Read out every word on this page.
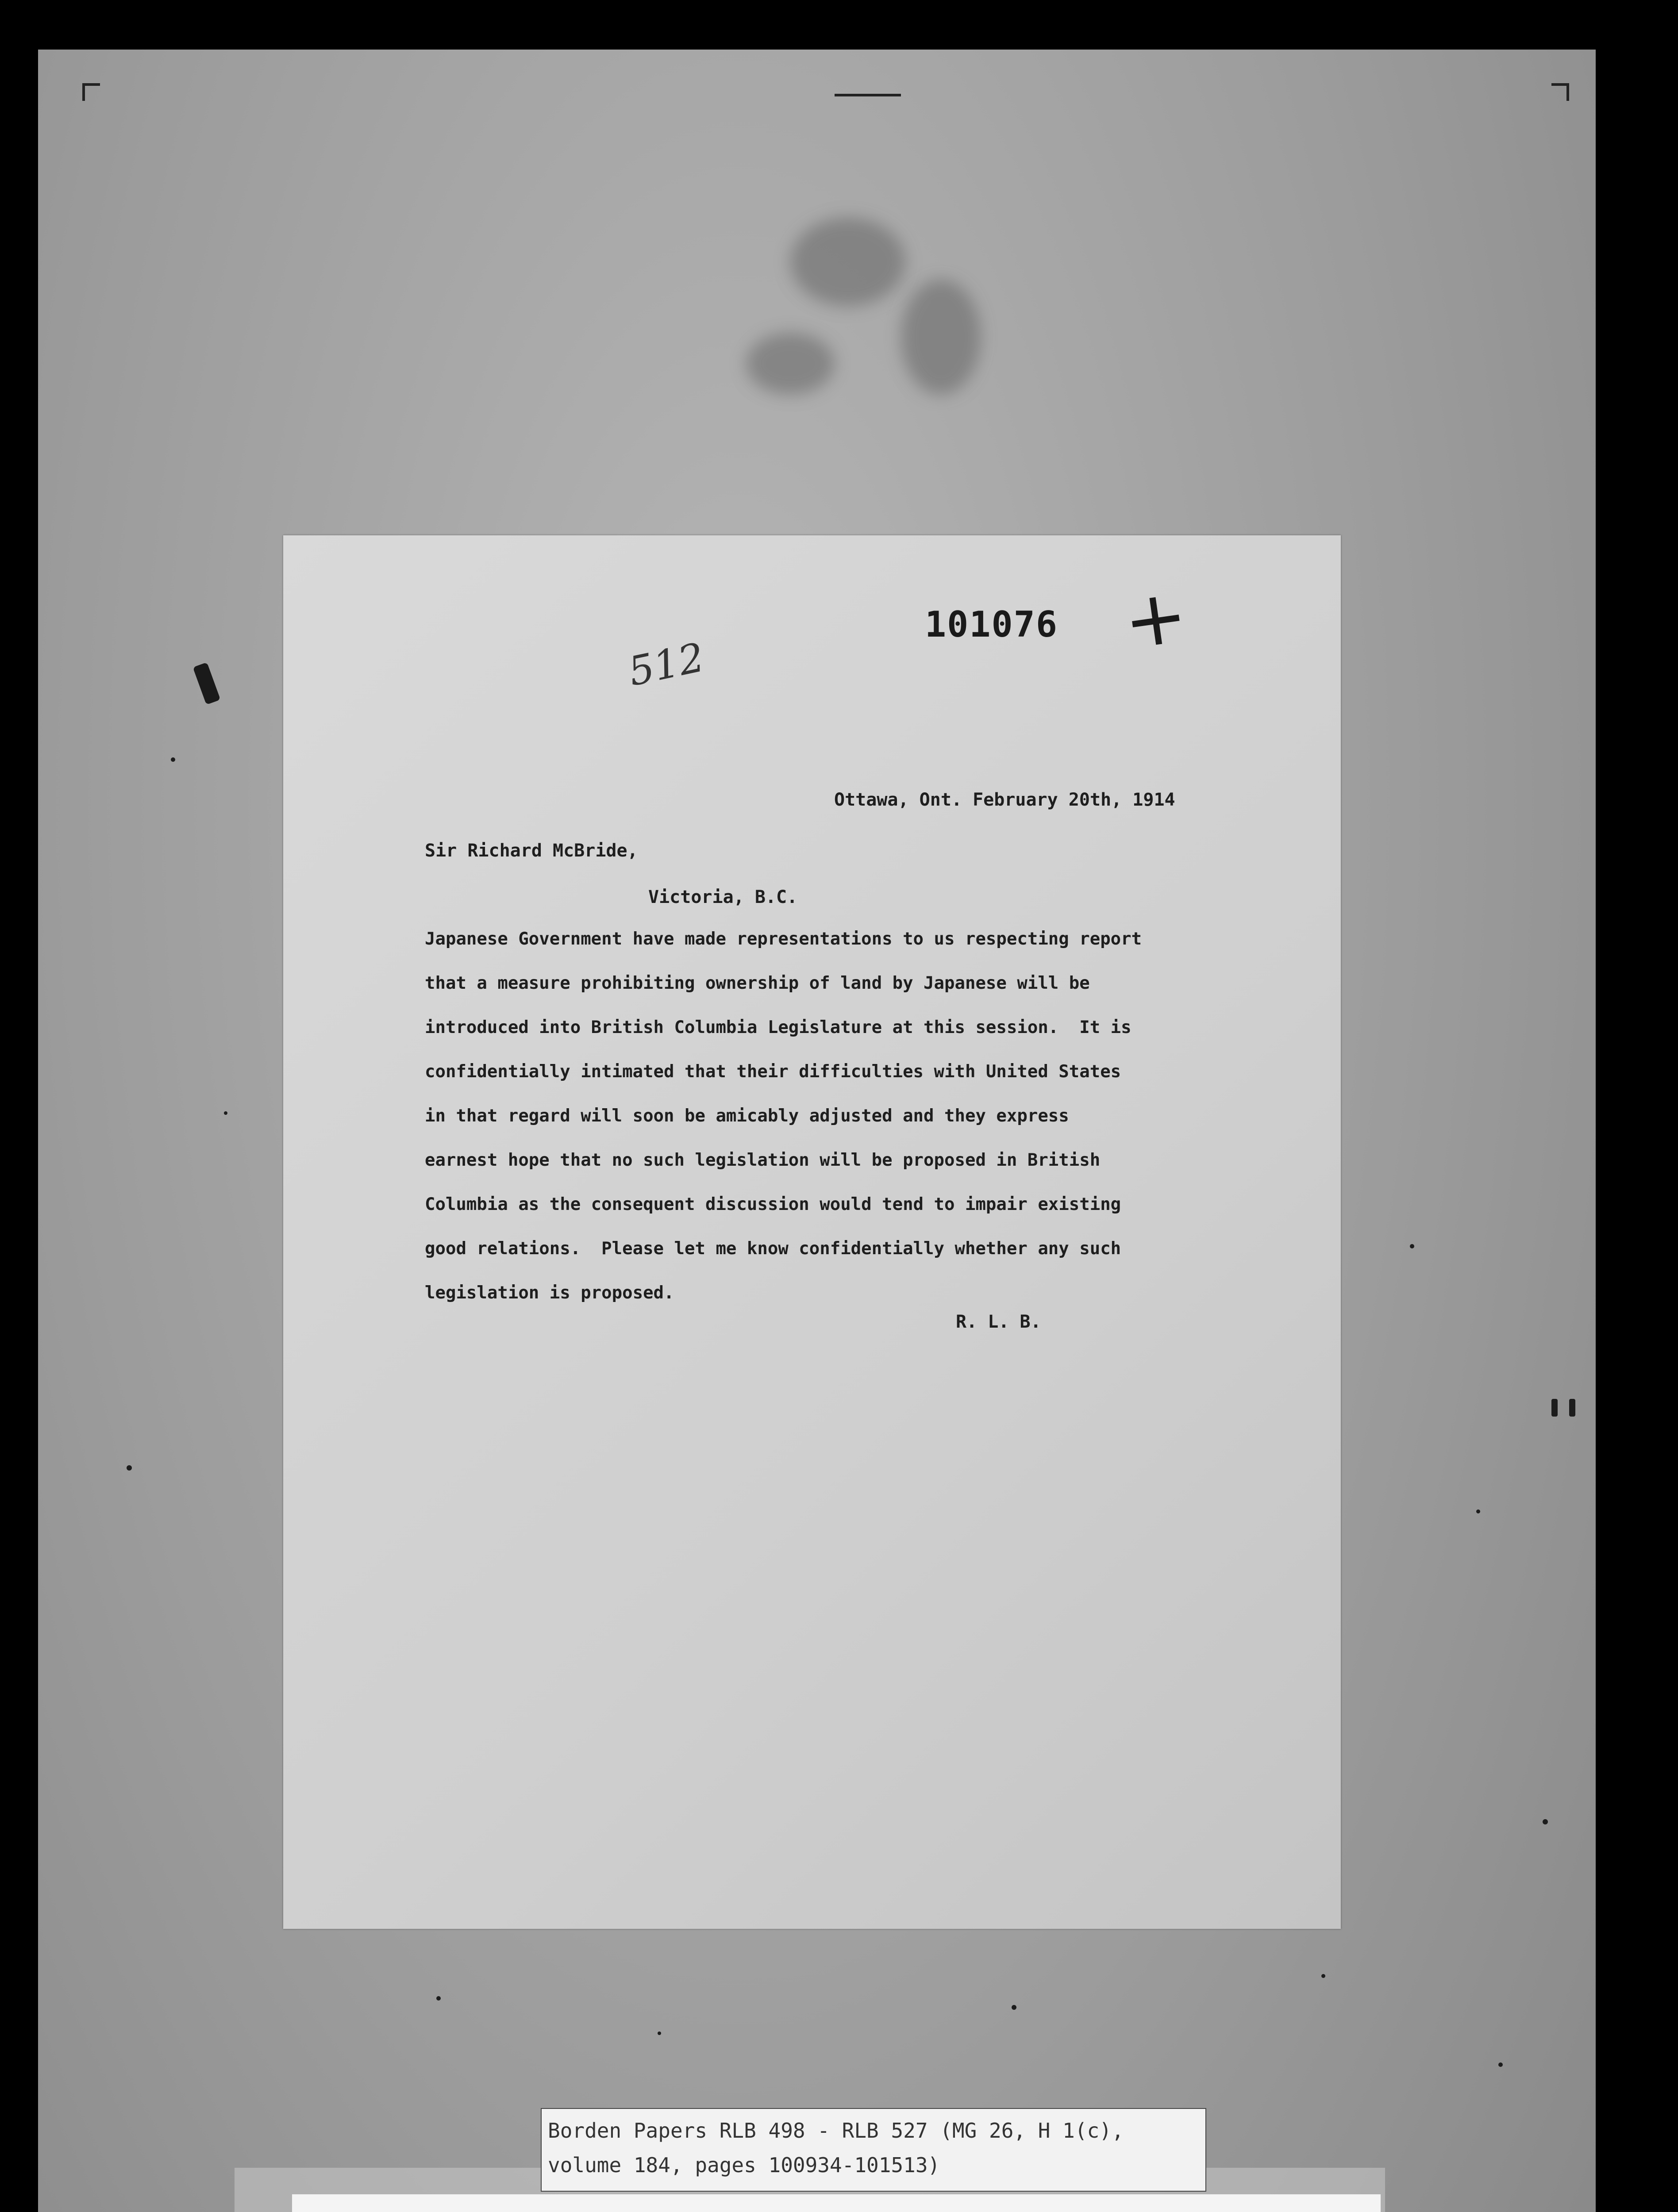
101076 +
512
Ottawa, Ont. February 20th, 1914
Sir Richard McBride,
Victoria, B.C.
Japanese Government have made representations to us respecting report
that a measure prohibiting ownership of land by Japanese will be
introduced into British Columbia Legislature at this session.  It is
confidentially intimated that their difficulties with United States
in that regard will soon be amicably adjusted and they express
earnest hope that no such legislation will be proposed in British
Columbia as the consequent discussion would tend to impair existing
good relations.  Please let me know confidentially whether any such
legislation is proposed.
R. L. B.
Borden Papers RLB 498 - RLB 527 (MG 26, H 1(c),
volume 184, pages 100934-101513)
